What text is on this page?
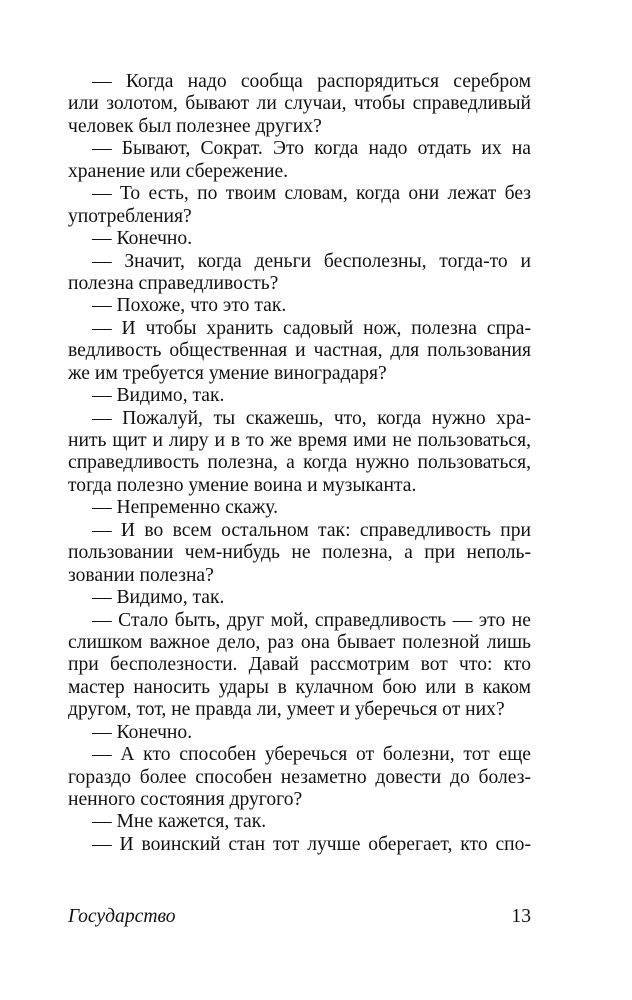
— Когда надо сообща распорядиться серебром
или золотом, бывают ли случаи, чтобы справедливый
человек был полезнее других?
— Бывают, Сократ. Это когда надо отдать их на
хранение или сбережение.
— То есть, по твоим словам, когда они лежат без
употребления?
— Конечно.
— Значит, когда деньги бесполезны, тогда-то и
полезна справедливость?
— Похоже, что это так.
— И чтобы хранить садовый нож, полезна спра-
ведливость общественная и частная, для пользования
же им требуется умение виноградаря?
— Видимо, так.
— Пожалуй, ты скажешь, что, когда нужно хра-
нить щит и лиру и в то же время ими не пользоваться,
справедливость полезна, а когда нужно пользоваться,
тогда полезно умение воина и музыканта.
— Непременно скажу.
— И во всем остальном так: справедливость при
пользовании чем-нибудь не полезна, а при неполь-
зовании полезна?
— Видимо, так.
— Стало быть, друг мой, справедливость — это не
слишком важное дело, раз она бывает полезной лишь
при бесполезности. Давай рассмотрим вот что: кто
мастер наносить удары в кулачном бою или в каком
другом, тот, не правда ли, умеет и уберечься от них?
— Конечно.
— А кто способен уберечься от болезни, тот еще
гораздо более способен незаметно довести до болез-
ненного состояния другого?
— Мне кажется, так.
— И воинский стан тот лучше оберегает, кто спо-
Государство	13
